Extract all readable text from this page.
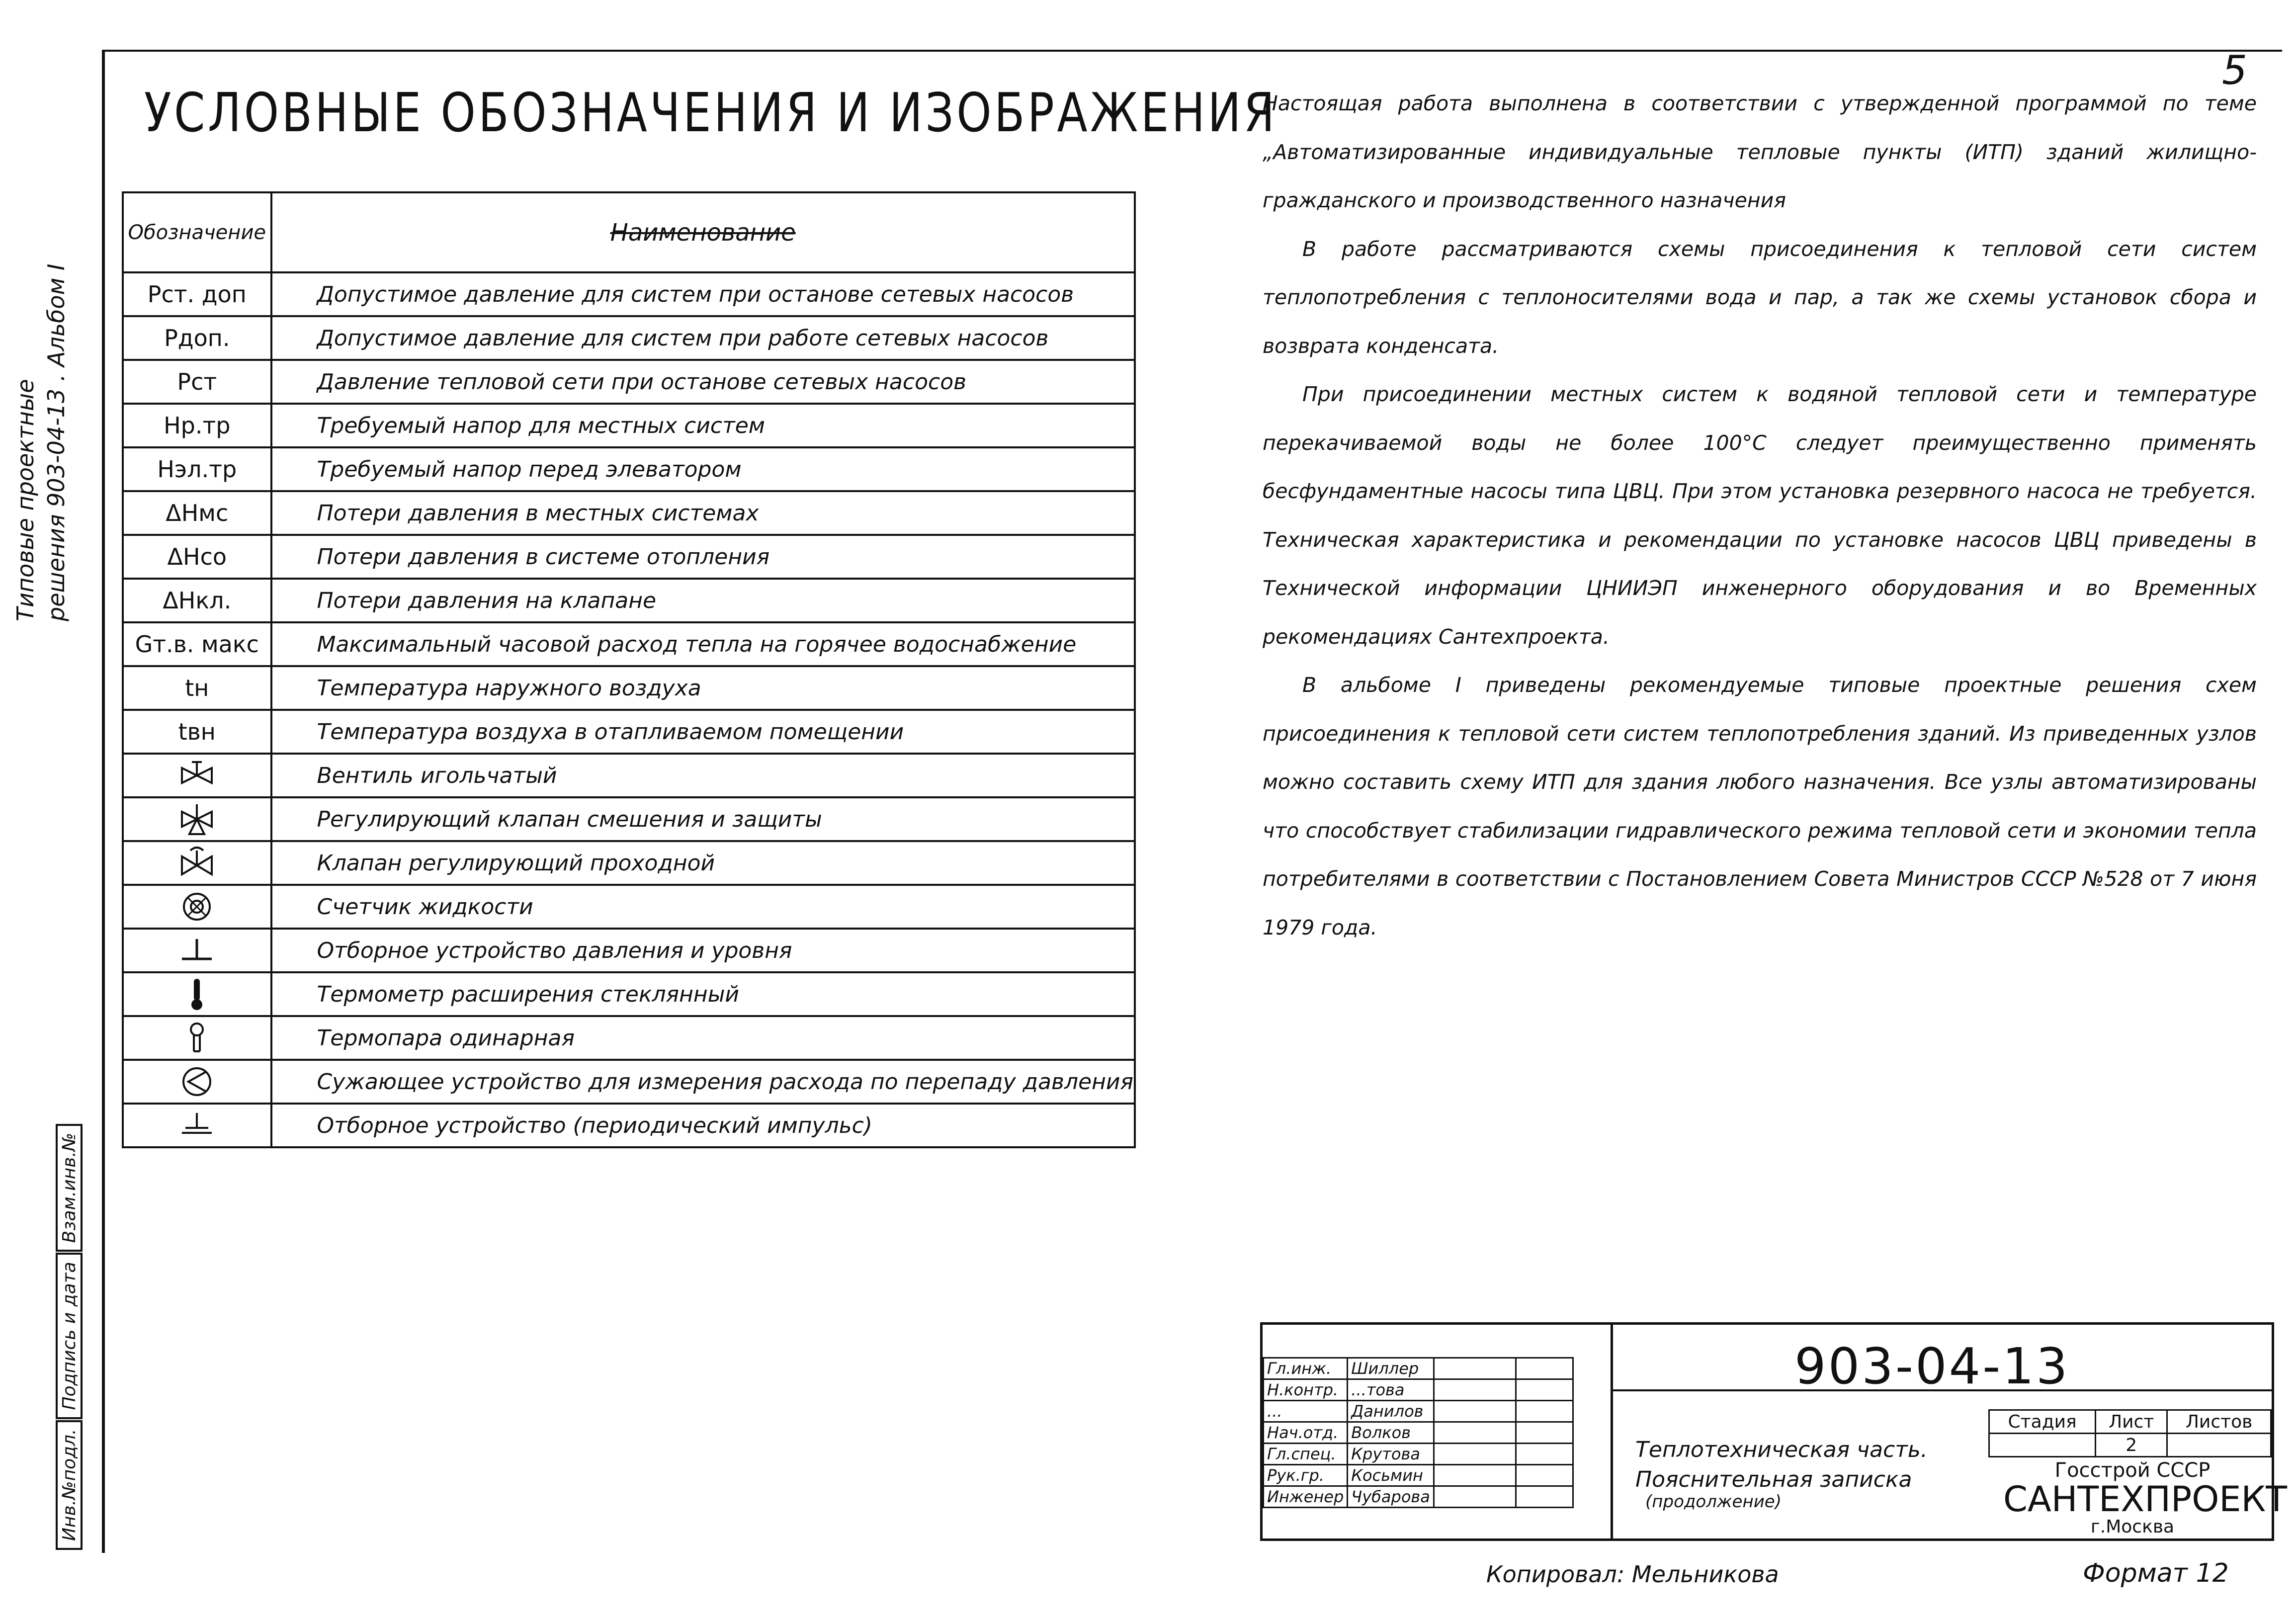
5
УСЛОВНЫЕ ОБОЗНАЧЕНИЯ И ИЗОБРАЖЕНИЯ
Типовые проектные решения 903-04-13 . Альбом I
Инв.№подл.	Подпись и дата	Взам.инв.№
Обозначение	Наименование
Рст. доп	Допустимое давление для систем при останове сетевых насосов
Рдоп.	Допустимое давление для систем при работе сетевых насосов
Рст	Давление тепловой сети при останове сетевых насосов
Нр.тр	Требуемый напор для местных систем
Нэл.тр	Требуемый напор перед элеватором
ΔНмс	Потери давления в местных системах
ΔНсо	Потери давления в системе отопления
ΔНкл.	Потери давления на клапане
Gт.в. макс	Максимальный часовой расход тепла на горячее водоснабжение
tн	Температура наружного воздуха
tвн	Температура воздуха в отапливаемом помещении
	Вентиль игольчатый
	Регулирующий клапан смешения и защиты
	Клапан регулирующий проходной
	Счетчик жидкости
	Отборное устройство давления и уровня
	Термометр расширения стеклянный
	Термопара одинарная
	Сужающее устройство для измерения расхода по перепаду давления
	Отборное устройство (периодический импульс)

Настоящая работа выполнена в соответствии с утвержденной программой по теме „Автоматизированные индивидуальные тепловые пункты (ИТП) зданий жилищно-гражданского и производственного назначения

В работе рассматриваются схемы присоединения к тепловой сети систем теплопотребления с теплоносителями вода и пар, а так же схемы установок сбора и возврата конденсата.

При присоединении местных систем к водяной тепловой сети и температуре перекачиваемой воды не более 100°С следует преимущественно применять бесфундаментные насосы типа ЦВЦ. При этом установка резервного насоса не требуется. Техническая характеристика и рекомендации по установке насосов ЦВЦ приведены в Технической информации ЦНИИЭП инженерного оборудования и во Временных рекомендациях Сантехпроекта.

В альбоме I приведены рекомендуемые типовые проектные решения схем присоединения к тепловой сети систем теплопотребления зданий. Из приведенных узлов можно составить схему ИТП для здания любого назначения. Все узлы автоматизированы что способствует стабилизации гидравлического режима тепловой сети и экономии тепла потребителями в соответствии с Постановлением Совета Министров СССР №528 от 7 июня 1979 года.

Гл.инж.	Шиллер		
Н.контр.	...това		
...	Данилов		
Нач.отд.	Волков		
Гл.спец.	Крутова		
Рук.гр.	Косьмин		
Инженер	Чубарова		
903-04-13
Теплотехническая часть.
Пояснительная записка
(продолжение)
Стадия	Лист	Листов
	2	
Госстрой СССР
САНТЕХПРОЕКТ
г.Москва
Копировал: Мельникова	Формат 12
